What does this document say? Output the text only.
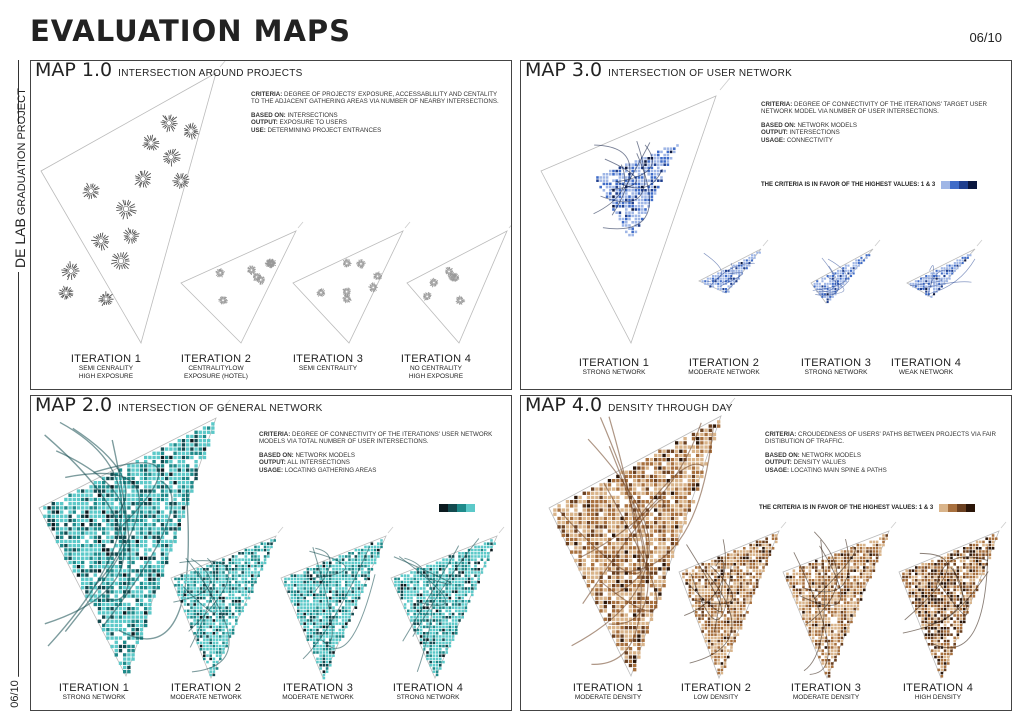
EVALUATION MAPS	06/10
DE LAB GRADUATION PROJECT
06/10
MAP 1.0 INTERSECTION AROUND PROJECTS
CRITERIA: DEGREE OF PROJECTS' EXPOSURE, ACCESSABLILITY AND CENTALITY TO THE ADJACENT GATHERING AREAS VIA NUMBER OF NEARBY INTERSECTIONS.
BASED ON: INTERSECTIONS
OUTPUT: EXPOSURE TO USERS
USE: DETERMINING PROJECT ENTRANCES
ITERATION 1
SEMI CENRALITY
HIGH EXPOSURE
ITERATION 2
CENTRALITYLOW
EXPOSURE (HOTEL)
ITERATION 3
SEMI CENTRALITY
ITERATION 4
NO CENTRALITY
HIGH EXPOSURE
MAP 3.0 INTERSECTION OF USER NETWORK
CRITERIA: DEGREE OF CONNECTIVITY OF THE ITERATIONS' TARGET USER NETWORK MODEL VIA NUMBER OF USER INTERSECTIONS.
BASED ON: NETWORK MODELS
OUTPUT: INTERSECTIONS
USAGE: CONNECTIVITY
THE CRITERIA IS IN FAVOR OF THE HIGHEST VALUES: 1 & 3
ITERATION 1
STRONG NETWORK
ITERATION 2
MODERATE NETWORK
ITERATION 3
STRONG NETWORK
ITERATION 4
WEAK NETWORK
MAP 2.0 INTERSECTION OF GENERAL NETWORK
CRITERIA: DEGREE OF CONNECTIVITY OF THE ITERATIONS' USER NETWORK MODELS VIA TOTAL NUMBER OF USER INTERSECTIONS.
BASED ON: NETWORK MODELS
OUTPUT: ALL INTERSECTIONS
USAGE: LOCATING GATHERING AREAS
ITERATION 1
STRONG NETWORK
ITERATION 2
MODERATE NETWORK
ITERATION 3
MODERATE NETWORK
ITERATION 4
STRONG NETWORK
MAP 4.0 DENSITY THROUGH DAY
CRITERIA: CROUDEDNESS OF USERS' PATHS BETWEEN PROJECTS VIA FAIR DISTIBUTION OF TRAFFIC.
BASED ON: NETWORK MODELS
OUTPUT: DENSITY VALUES
USAGE: LOCATING MAIN SPINE & PATHS
THE CRITERIA IS IN FAVOR OF THE HIGHEST VALUES: 1 & 3
ITERATION 1
MODERATE DENSITY
ITERATION 2
LOW DENSITY
ITERATION 3
MODERATE DENSITY
ITERATION 4
HIGH DENSITY
